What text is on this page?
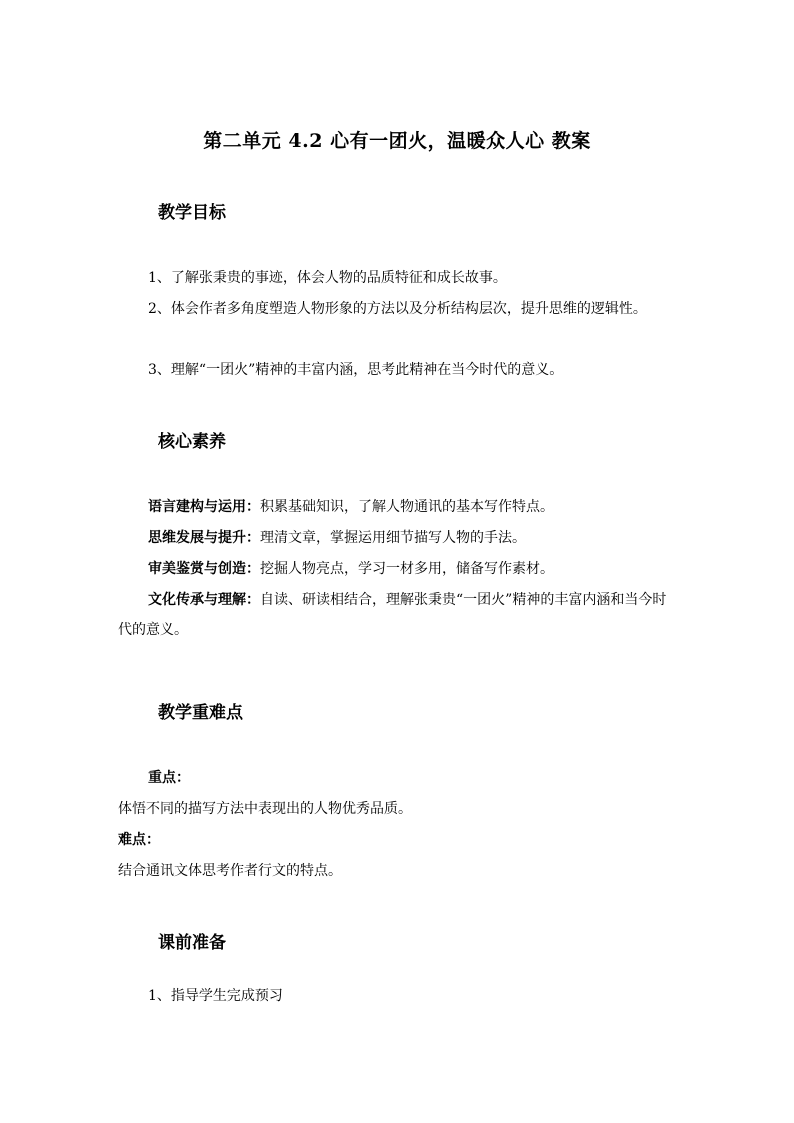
第二单元 4.2 心有一团火，温暖众人心 教案
教学目标

1、了解张秉贵的事迹，体会人物的品质特征和成长故事。

2、体会作者多角度塑造人物形象的方法以及分析结构层次，提升思维的逻辑性。

3、理解“一团火”精神的丰富内涵，思考此精神在当今时代的意义。

核心素养

语言建构与运用：积累基础知识，了解人物通讯的基本写作特点。

思维发展与提升：理清文章，掌握运用细节描写人物的手法。

审美鉴赏与创造：挖掘人物亮点，学习一材多用，储备写作素材。

文化传承与理解：自读、研读相结合，理解张秉贵“一团火”精神的丰富内涵和当今时代的意义。

教学重难点

重点：

体悟不同的描写方法中表现出的人物优秀品质。

难点：

结合通讯文体思考作者行文的特点。

课前准备

1、指导学生完成预习
